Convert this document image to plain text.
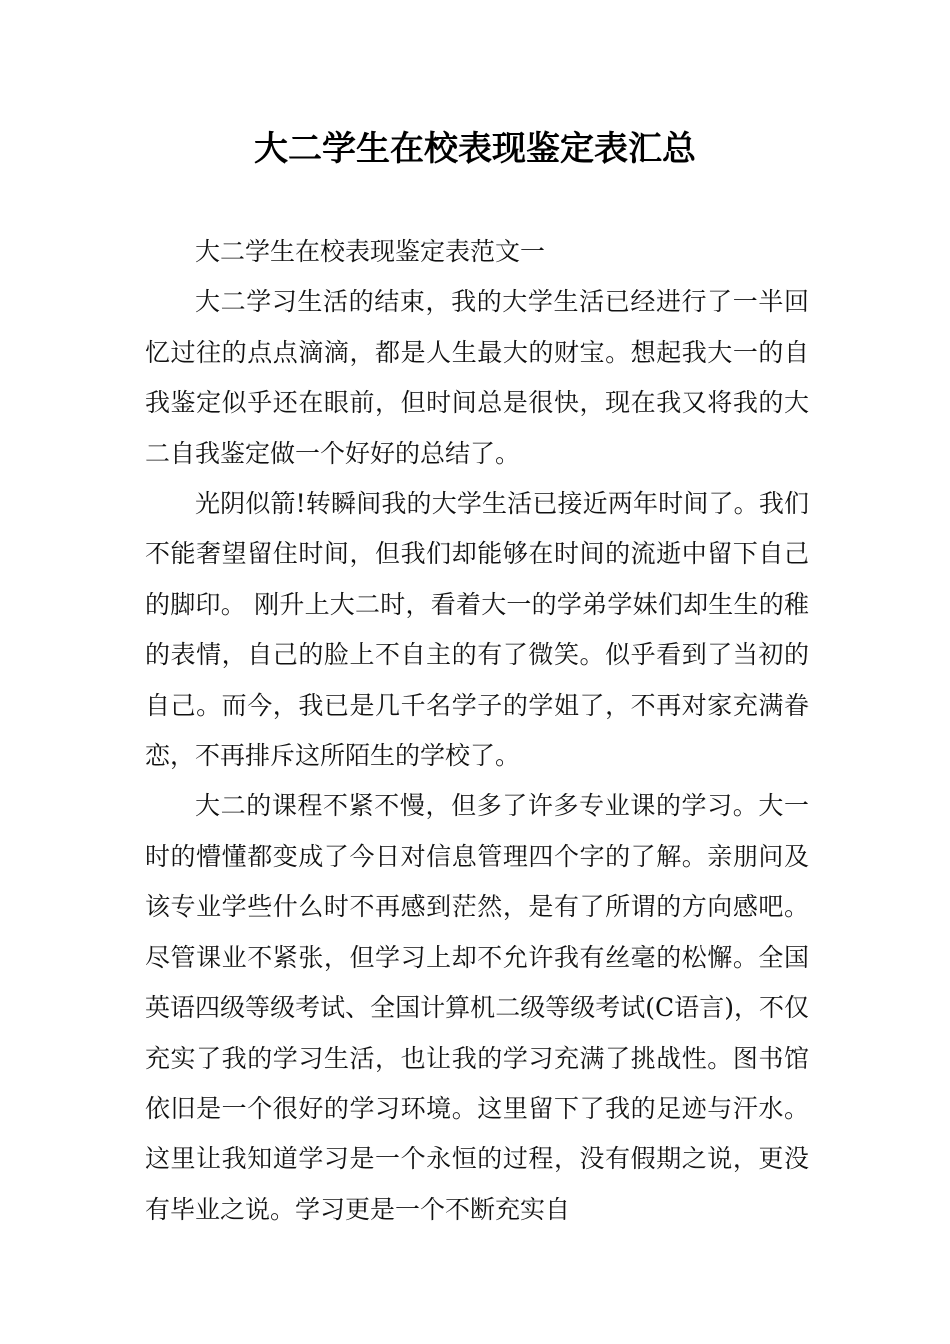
大二学生在校表现鉴定表汇总

大二学生在校表现鉴定表范文一

大二学习生活的结束，我的大学生活已经进行了一半回忆过往的点点滴滴，都是人生最大的财宝。想起我大一的自我鉴定似乎还在眼前，但时间总是很快，现在我又将我的大二自我鉴定做一个好好的总结了。

光阴似箭!转瞬间我的大学生活已接近两年时间了。我们不能奢望留住时间，但我们却能够在时间的流逝中留下自己的脚印。 刚升上大二时，看着大一的学弟学妹们却生生的稚的表情，自己的脸上不自主的有了微笑。似乎看到了当初的自己。而今，我已是几千名学子的学姐了，不再对家充满眷恋，不再排斥这所陌生的学校了。

大二的课程不紧不慢，但多了许多专业课的学习。大一时的懵懂都变成了今日对信息管理四个字的了解。亲朋问及该专业学些什么时不再感到茫然，是有了所谓的方向感吧。尽管课业不紧张，但学习上却不允许我有丝毫的松懈。全国英语四级等级考试、全国计算机二级等级考试(C语言)，不仅充实了我的学习生活，也让我的学习充满了挑战性。图书馆依旧是一个很好的学习环境。这里留下了我的足迹与汗水。这里让我知道学习是一个永恒的过程，没有假期之说，更没有毕业之说。学习更是一个不断充实自
